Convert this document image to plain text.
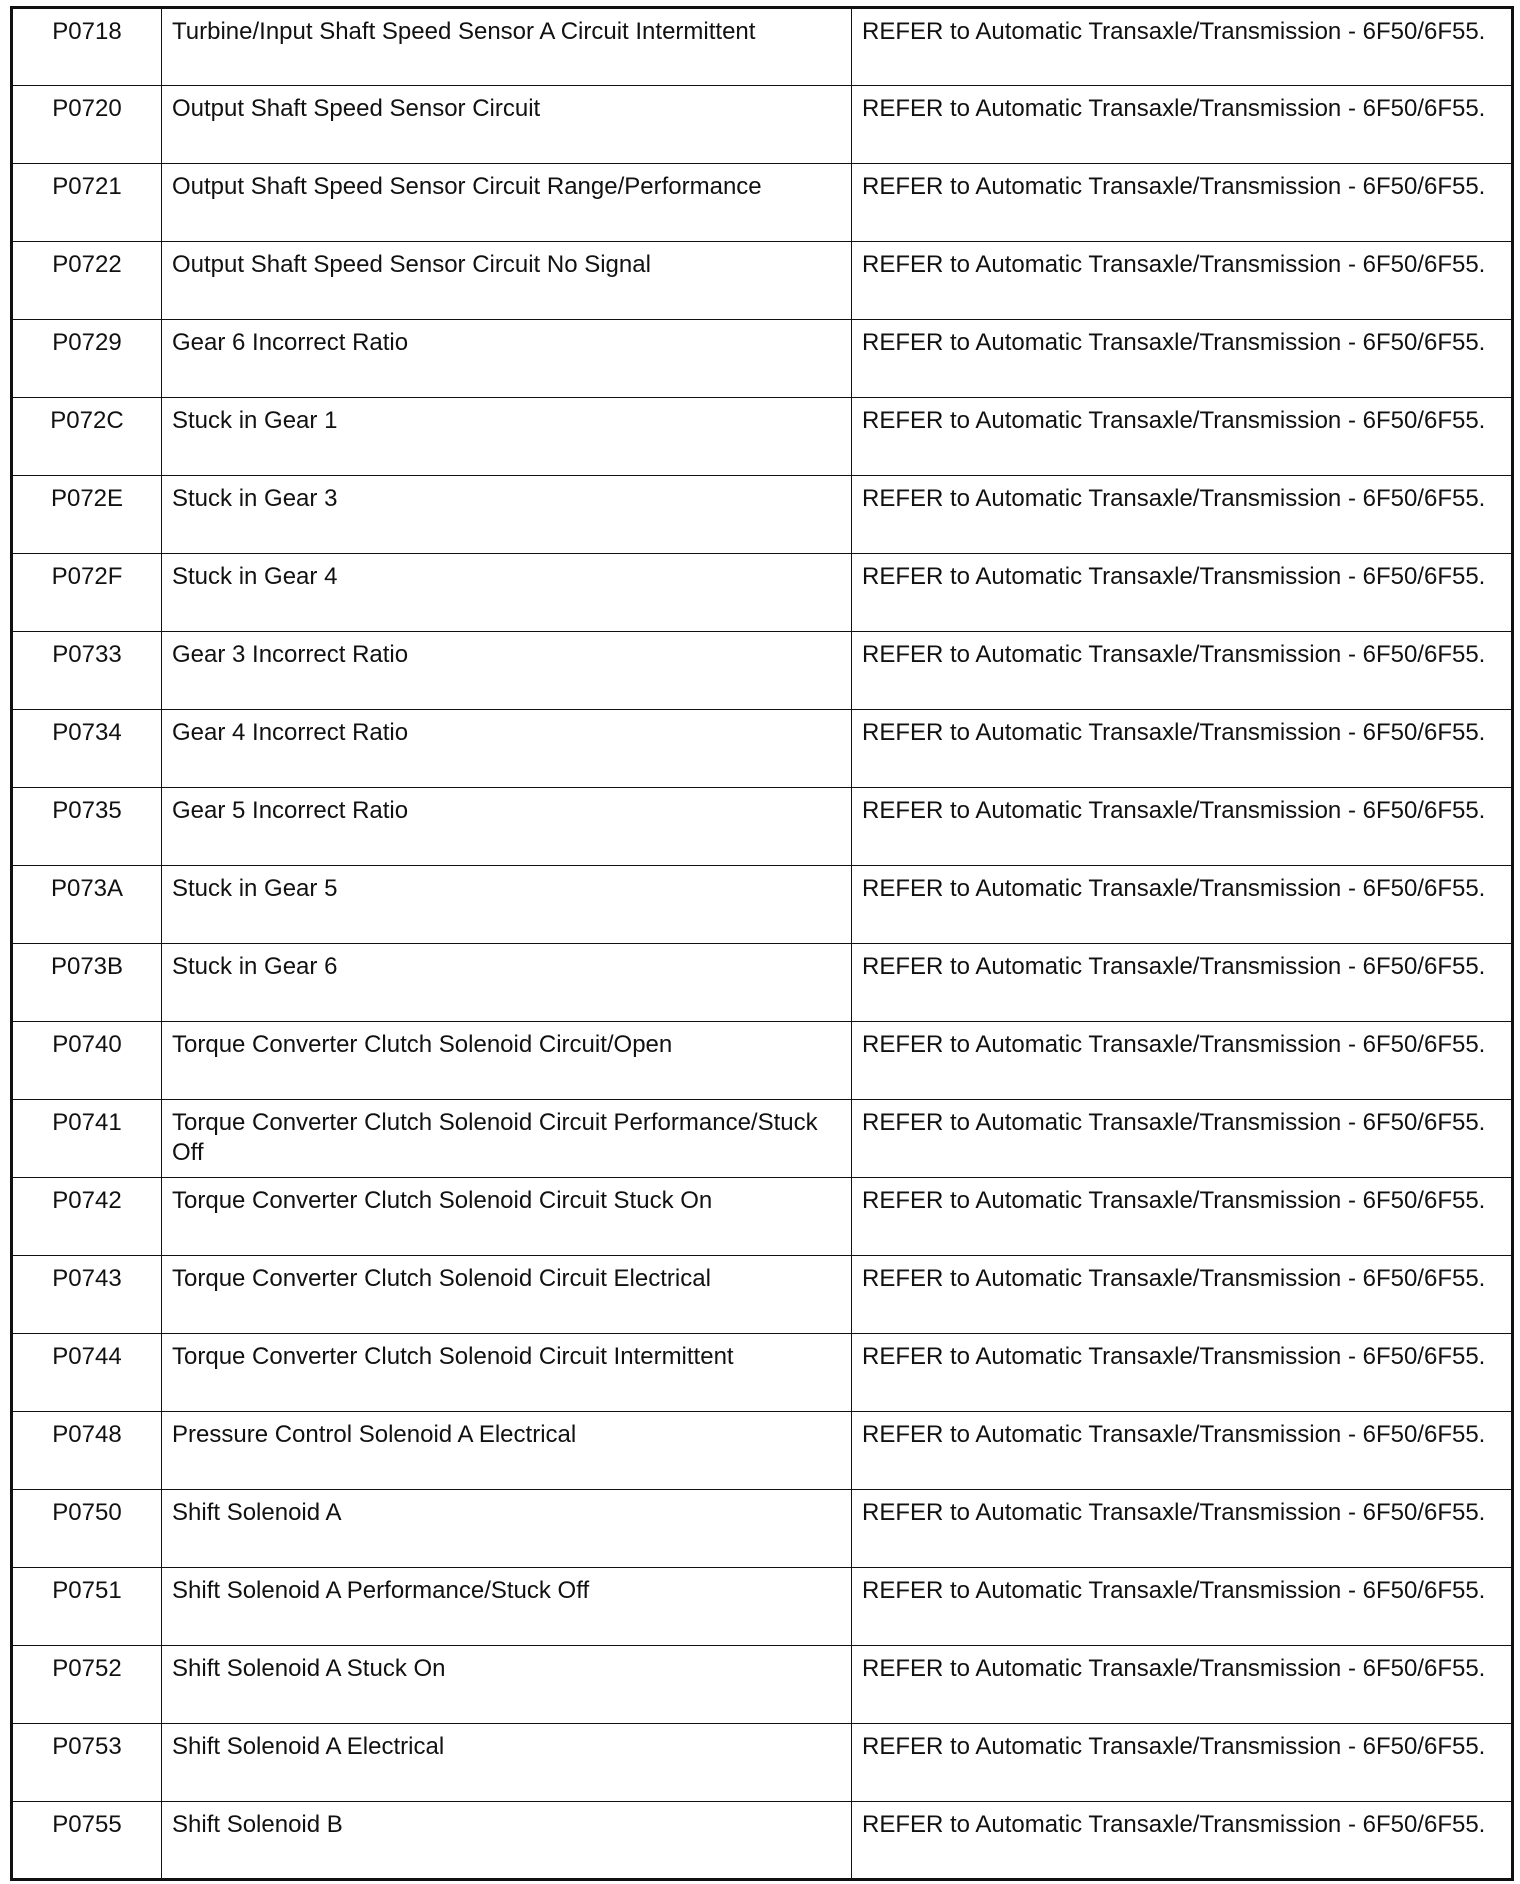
P0718	Turbine/Input Shaft Speed Sensor A Circuit Intermittent	REFER to Automatic Transaxle/Transmission - 6F50/6F55.
P0720	Output Shaft Speed Sensor Circuit	REFER to Automatic Transaxle/Transmission - 6F50/6F55.
P0721	Output Shaft Speed Sensor Circuit Range/Performance	REFER to Automatic Transaxle/Transmission - 6F50/6F55.
P0722	Output Shaft Speed Sensor Circuit No Signal	REFER to Automatic Transaxle/Transmission - 6F50/6F55.
P0729	Gear 6 Incorrect Ratio	REFER to Automatic Transaxle/Transmission - 6F50/6F55.
P072C	Stuck in Gear 1	REFER to Automatic Transaxle/Transmission - 6F50/6F55.
P072E	Stuck in Gear 3	REFER to Automatic Transaxle/Transmission - 6F50/6F55.
P072F	Stuck in Gear 4	REFER to Automatic Transaxle/Transmission - 6F50/6F55.
P0733	Gear 3 Incorrect Ratio	REFER to Automatic Transaxle/Transmission - 6F50/6F55.
P0734	Gear 4 Incorrect Ratio	REFER to Automatic Transaxle/Transmission - 6F50/6F55.
P0735	Gear 5 Incorrect Ratio	REFER to Automatic Transaxle/Transmission - 6F50/6F55.
P073A	Stuck in Gear 5	REFER to Automatic Transaxle/Transmission - 6F50/6F55.
P073B	Stuck in Gear 6	REFER to Automatic Transaxle/Transmission - 6F50/6F55.
P0740	Torque Converter Clutch Solenoid Circuit/Open	REFER to Automatic Transaxle/Transmission - 6F50/6F55.
P0741	Torque Converter Clutch Solenoid Circuit Performance/Stuck Off	REFER to Automatic Transaxle/Transmission - 6F50/6F55.
P0742	Torque Converter Clutch Solenoid Circuit Stuck On	REFER to Automatic Transaxle/Transmission - 6F50/6F55.
P0743	Torque Converter Clutch Solenoid Circuit Electrical	REFER to Automatic Transaxle/Transmission - 6F50/6F55.
P0744	Torque Converter Clutch Solenoid Circuit Intermittent	REFER to Automatic Transaxle/Transmission - 6F50/6F55.
P0748	Pressure Control Solenoid A Electrical	REFER to Automatic Transaxle/Transmission - 6F50/6F55.
P0750	Shift Solenoid A	REFER to Automatic Transaxle/Transmission - 6F50/6F55.
P0751	Shift Solenoid A Performance/Stuck Off	REFER to Automatic Transaxle/Transmission - 6F50/6F55.
P0752	Shift Solenoid A Stuck On	REFER to Automatic Transaxle/Transmission - 6F50/6F55.
P0753	Shift Solenoid A Electrical	REFER to Automatic Transaxle/Transmission - 6F50/6F55.
P0755	Shift Solenoid B	REFER to Automatic Transaxle/Transmission - 6F50/6F55.
